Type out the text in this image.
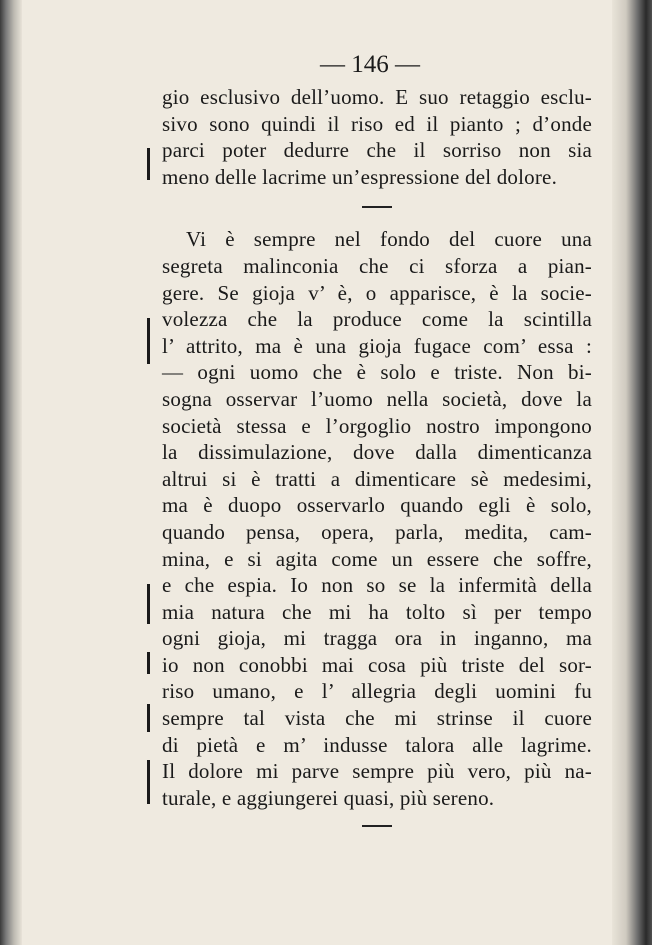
— 146 —
gio esclusivo dell’uomo. E suo retaggio esclu-
sivo sono quindi il riso ed il pianto ; d’onde
parci poter dedurre che il sorriso non sia
meno delle lacrime un’espressione del dolore.
Vi è sempre nel fondo del cuore una
segreta malinconia che ci sforza a pian-
gere. Se gioja v’ è, o apparisce, è la socie-
volezza che la produce come la scintilla
l’ attrito, ma è una gioja fugace com’ essa :
— ogni uomo che è solo e triste. Non bi-
sogna osservar l’uomo nella società, dove la
società stessa e l’orgoglio nostro impongono
la dissimulazione, dove dalla dimenticanza
altrui si è tratti a dimenticare sè medesimi,
ma è duopo osservarlo quando egli è solo,
quando pensa, opera, parla, medita, cam-
mina, e si agita come un essere che soffre,
e che espia. Io non so se la infermità della
mia natura che mi ha tolto sì per tempo
ogni gioja, mi tragga ora in inganno, ma
io non conobbi mai cosa più triste del sor-
riso umano, e l’ allegria degli uomini fu
sempre tal vista che mi strinse il cuore
di pietà e m’ indusse talora alle lagrime.
Il dolore mi parve sempre più vero, più na-
turale, e aggiungerei quasi, più sereno.
